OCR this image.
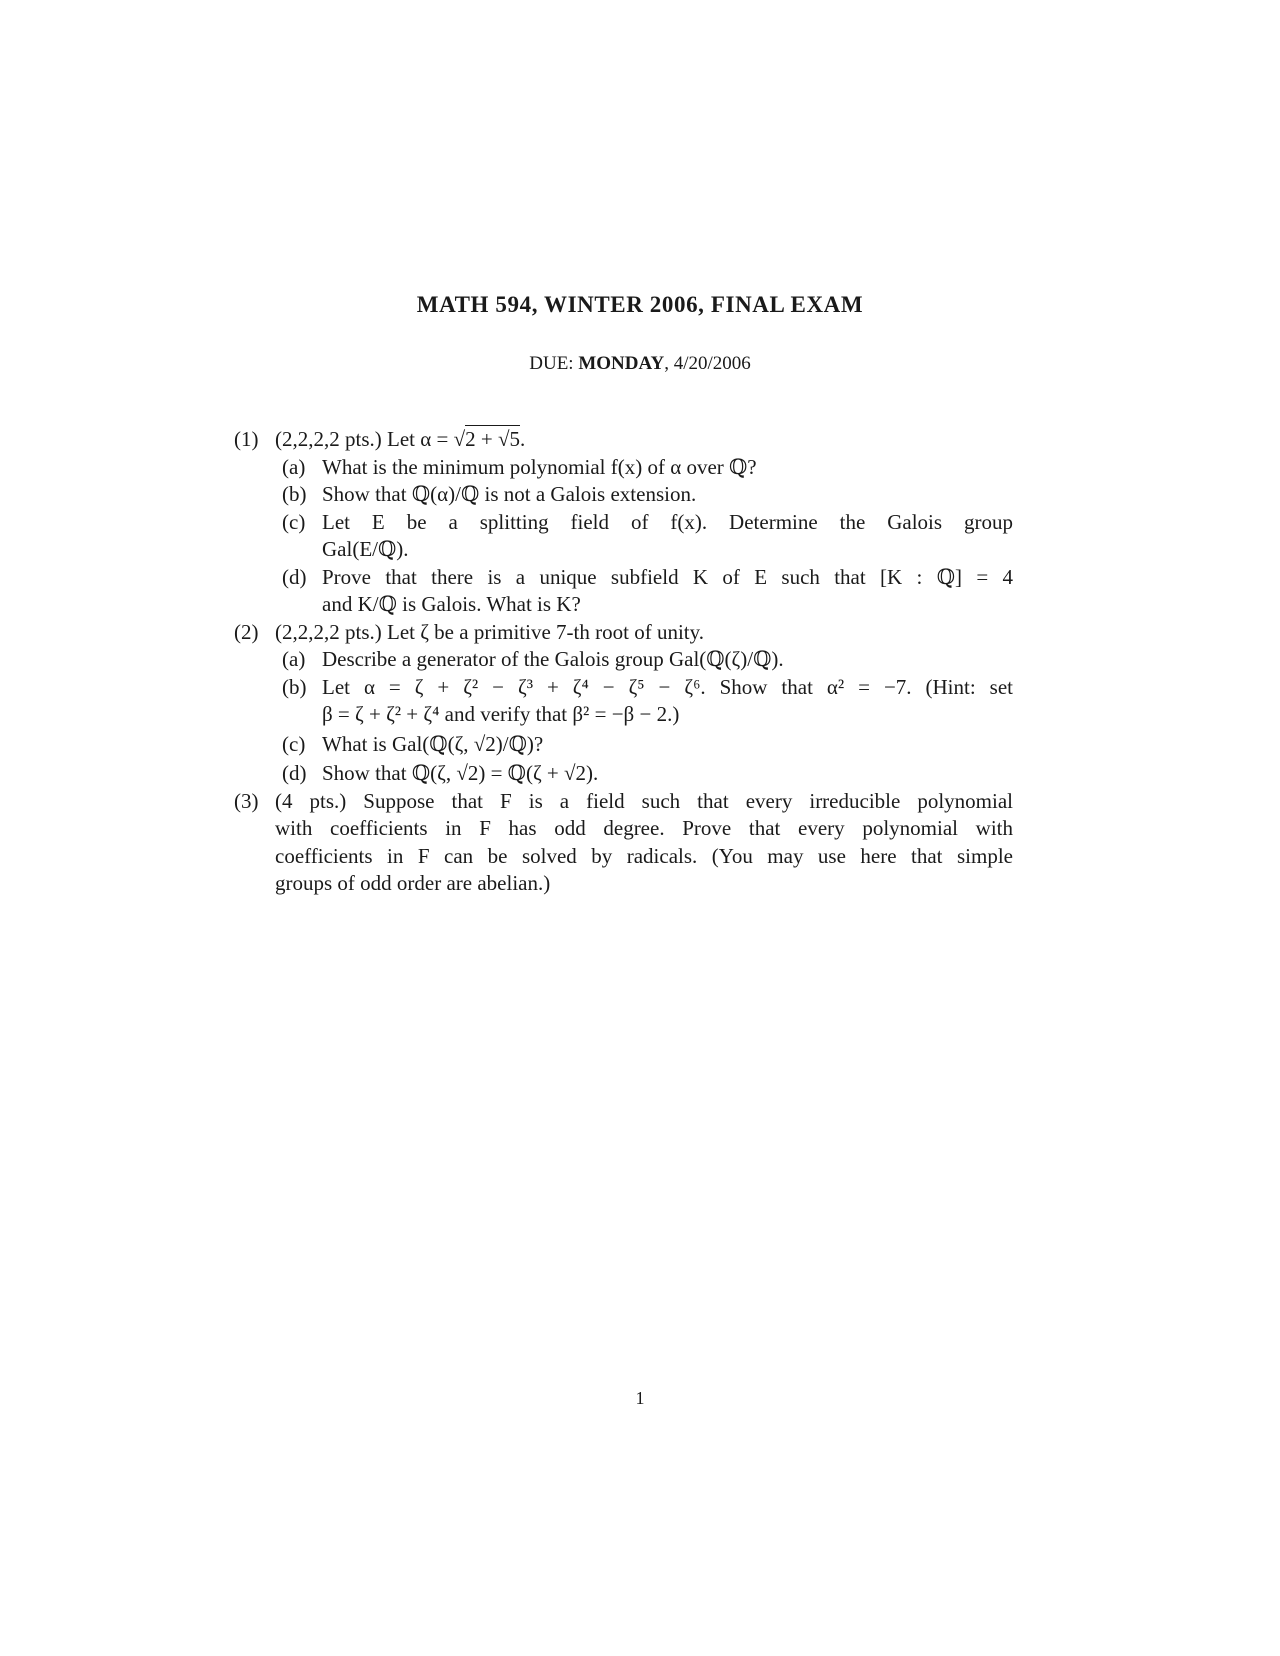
MATH 594, WINTER 2006, FINAL EXAM
DUE: MONDAY, 4/20/2006
(1) (2,2,2,2 pts.) Let α = √2 + √5.
(a) What is the minimum polynomial f(x) of α over ℚ?
(b) Show that ℚ(α)/ℚ is not a Galois extension.
(c) Let E be a splitting field of f(x). Determine the Galois group
Gal(E/ℚ).
(d) Prove that there is a unique subfield K of E such that [K : ℚ] = 4
and K/ℚ is Galois. What is K?
(2) (2,2,2,2 pts.) Let ζ be a primitive 7-th root of unity.
(a) Describe a generator of the Galois group Gal(ℚ(ζ)/ℚ).
(b) Let α = ζ + ζ² − ζ³ + ζ⁴ − ζ⁵ − ζ⁶. Show that α² = −7. (Hint: set
β = ζ + ζ² + ζ⁴ and verify that β² = −β − 2.)
(c) What is Gal(ℚ(ζ, √2)/ℚ)?
(d) Show that ℚ(ζ, √2) = ℚ(ζ + √2).
(3) (4 pts.) Suppose that F is a field such that every irreducible polynomial
with coefficients in F has odd degree. Prove that every polynomial with
coefficients in F can be solved by radicals. (You may use here that simple
groups of odd order are abelian.)
1
